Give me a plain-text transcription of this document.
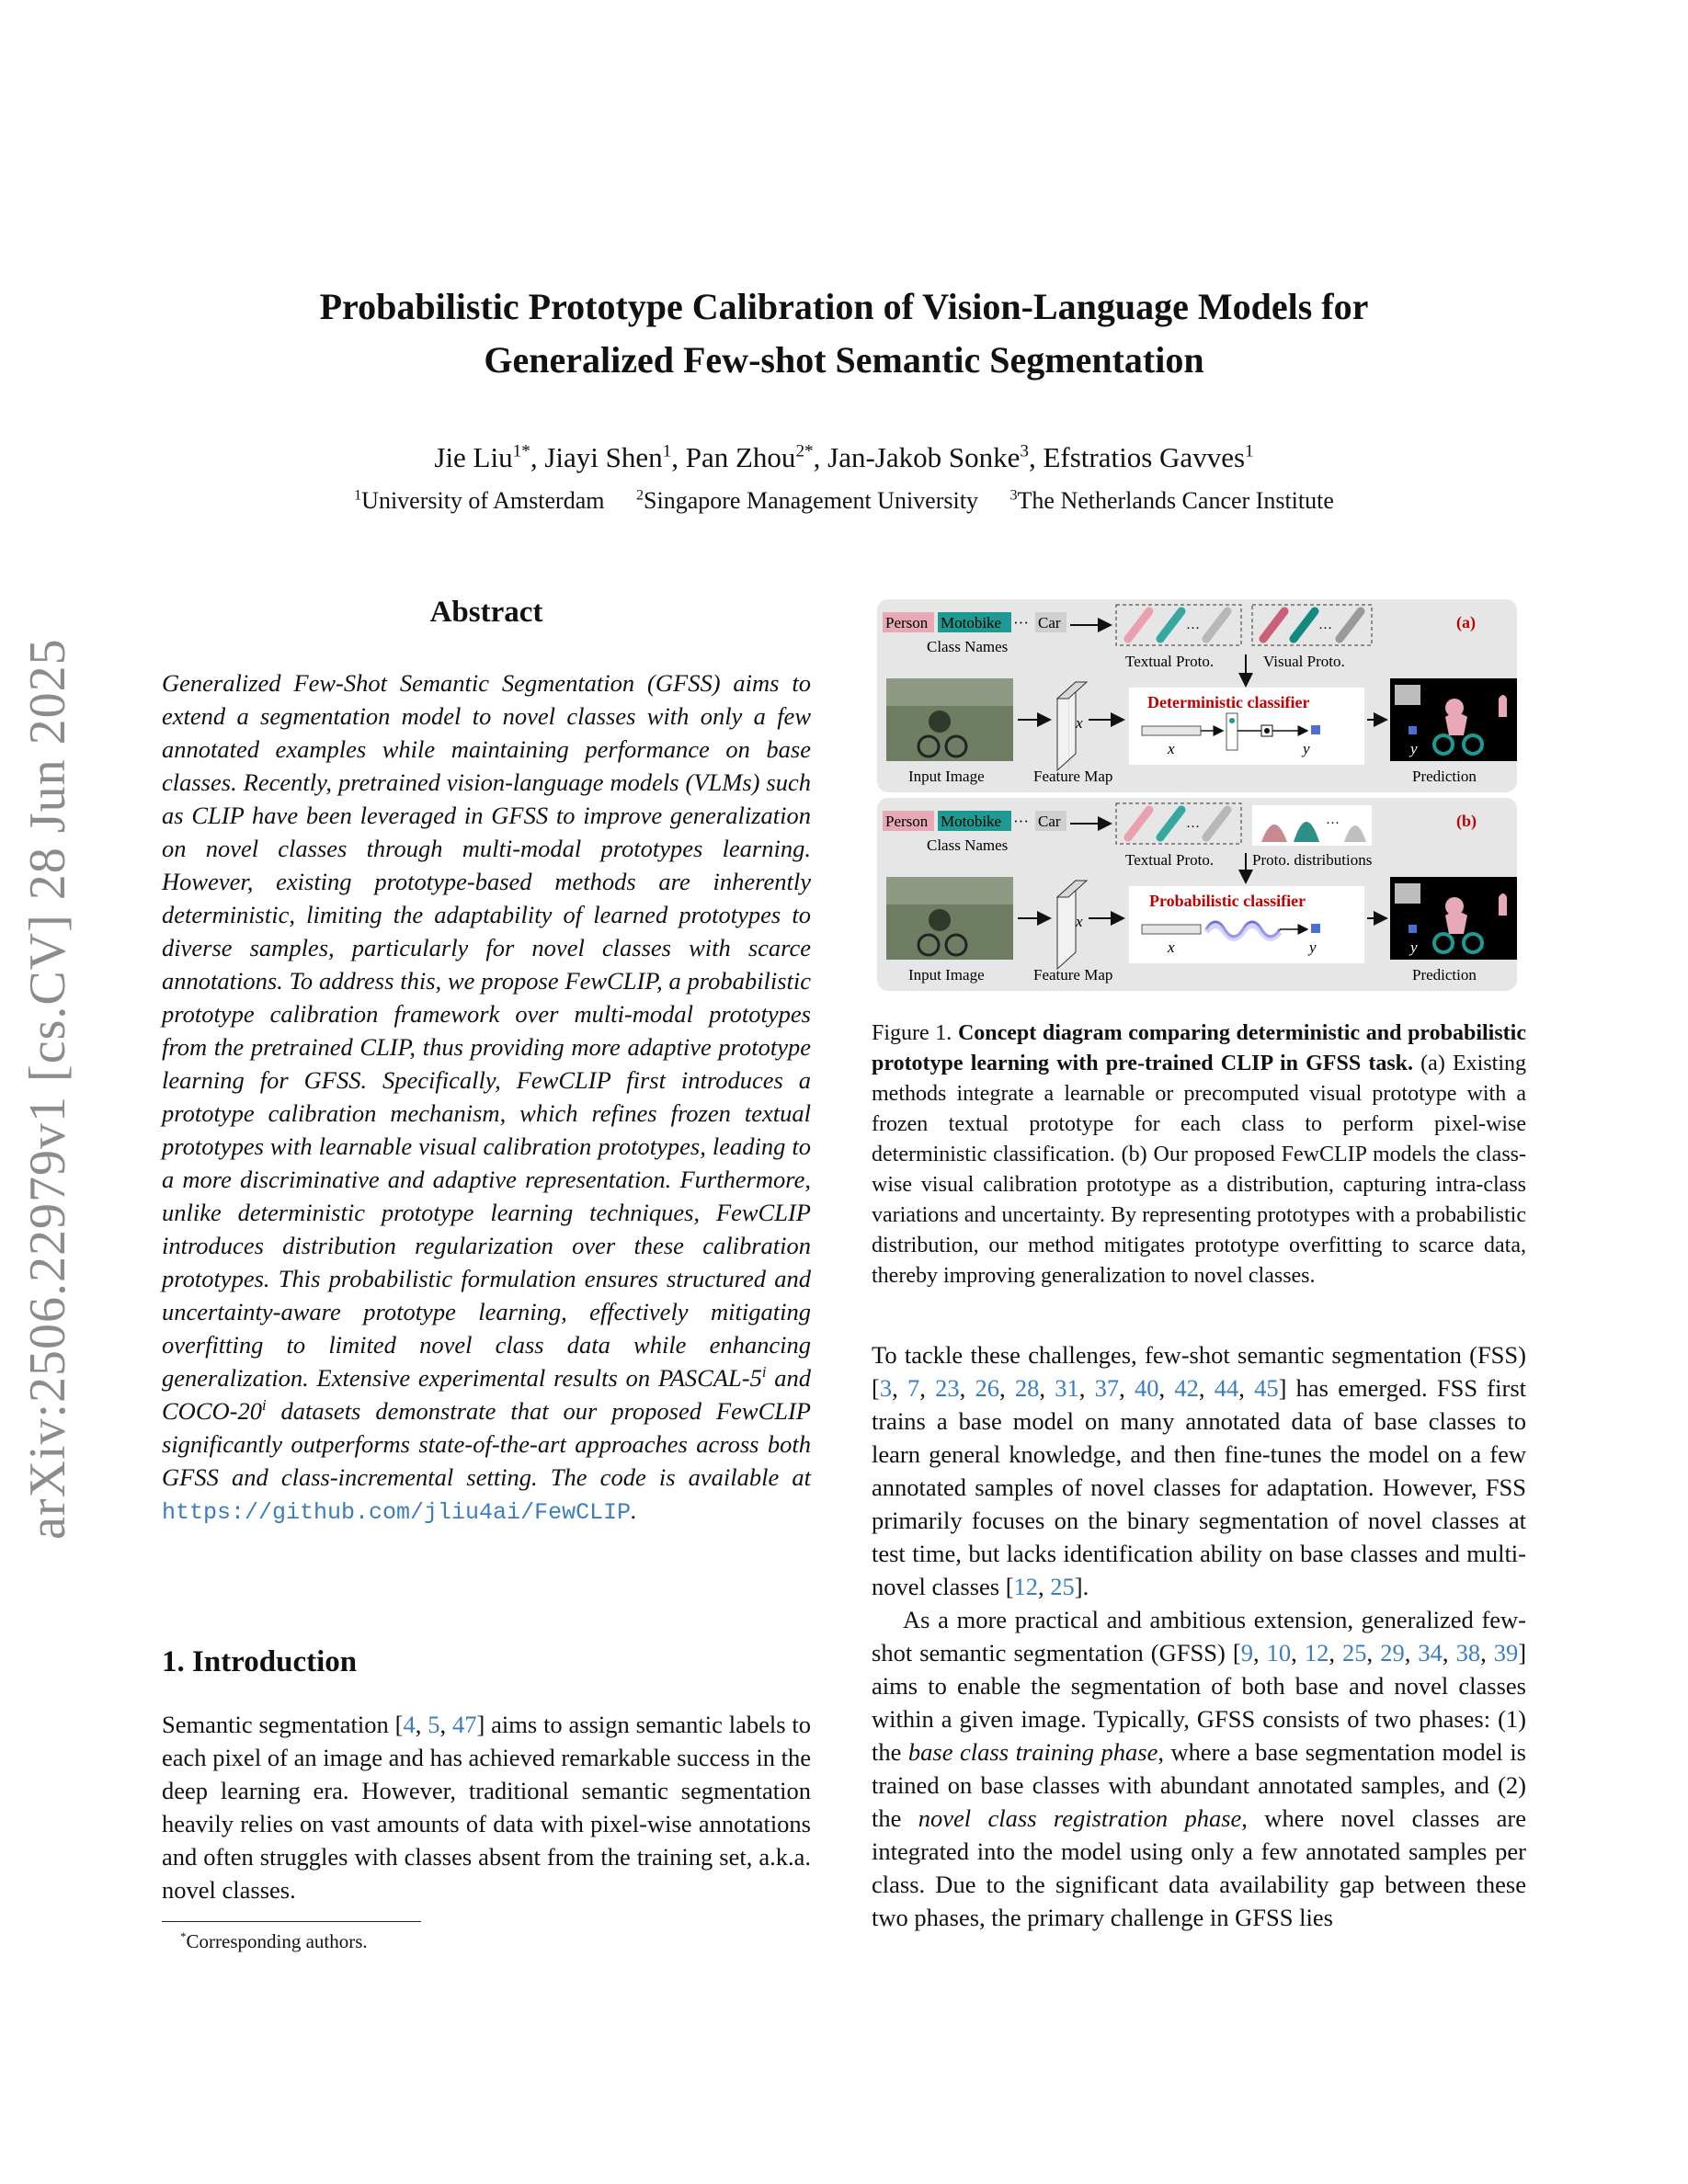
arXiv:2506.22979v1 [cs.CV] 28 Jun 2025
Probabilistic Prototype Calibration of Vision-Language Models for
Generalized Few-shot Semantic Segmentation
Jie Liu$^{1*}$, Jiayi Shen$^1$, Pan Zhou$^{2*}$, Jan-Jakob Sonke$^3$, Efstratios Gavves$^1$
$^1$University of Amsterdam $^2$Singapore Management University $^3$The Netherlands Cancer Institute
Abstract
Generalized Few-Shot Semantic Segmentation (GFSS) aims to extend a segmentation model to novel classes with only a few annotated examples while maintaining performance on base classes. Recently, pretrained vision-language models (VLMs) such as CLIP have been leveraged in GFSS to improve generalization on novel classes through multi-modal prototypes learning. However, existing prototype-based methods are inherently deterministic, limiting the adaptability of learned prototypes to diverse samples, particularly for novel classes with scarce annotations. To address this, we propose FewCLIP, a probabilistic prototype calibration framework over multi-modal prototypes from the pretrained CLIP, thus providing more adaptive prototype learning for GFSS. Specifically, FewCLIP first introduces a prototype calibration mechanism, which refines frozen textual prototypes with learnable visual calibration prototypes, leading to a more discriminative and adaptive representation. Furthermore, unlike deterministic prototype learning techniques, FewCLIP introduces distribution regularization over these calibration prototypes. This probabilistic formulation ensures structured and uncertainty-aware prototype learning, effectively mitigating overfitting to limited novel class data while enhancing generalization. Extensive experimental results on PASCAL-5$^i$ and COCO-20$^i$ datasets demonstrate that our proposed FewCLIP significantly outperforms state-of-the-art approaches across both GFSS and class-incremental setting. The code is available at https://github.com/jliu4ai/FewCLIP.
1. Introduction
Semantic segmentation [4, 5, 47] aims to assign semantic labels to each pixel of an image and has achieved remarkable success in the deep learning era. However, traditional semantic segmentation heavily relies on vast amounts of data with pixel-wise annotations and often struggles with classes absent from the training set, a.k.a. novel classes.
*Corresponding authors.
(a)
Person Motobike ··· Car
Class Names
···
Textual Proto.
···
Visual Proto.
Input Image
x
Feature Map
Deterministic classifier
x	y	y
Prediction
(b)
Person Motobike ··· Car
Class Names
···
Textual Proto.
···
Proto. distributions
Input Image
x
Feature Map
Probabilistic classifier
x	y	y
Prediction
Figure 1. Concept diagram comparing deterministic and probabilistic prototype learning with pre-trained CLIP in GFSS task. (a) Existing methods integrate a learnable or precomputed visual prototype with a frozen textual prototype for each class to perform pixel-wise deterministic classification. (b) Our proposed FewCLIP models the class-wise visual calibration prototype as a distribution, capturing intra-class variations and uncertainty. By representing prototypes with a probabilistic distribution, our method mitigates prototype overfitting to scarce data, thereby improving generalization to novel classes.

To tackle these challenges, few-shot semantic segmentation (FSS) [3, 7, 23, 26, 28, 31, 37, 40, 42, 44, 45] has emerged. FSS first trains a base model on many annotated data of base classes to learn general knowledge, and then fine-tunes the model on a few annotated samples of novel classes for adaptation. However, FSS primarily focuses on the binary segmentation of novel classes at test time, but lacks identification ability on base classes and multi-novel classes [12, 25].

As a more practical and ambitious extension, generalized few-shot semantic segmentation (GFSS) [9, 10, 12, 25, 29, 34, 38, 39] aims to enable the segmentation of both base and novel classes within a given image. Typically, GFSS consists of two phases: (1) the base class training phase, where a base segmentation model is trained on base classes with abundant annotated samples, and (2) the novel class registration phase, where novel classes are integrated into the model using only a few annotated samples per class. Due to the significant data availability gap between these two phases, the primary challenge in GFSS lies
